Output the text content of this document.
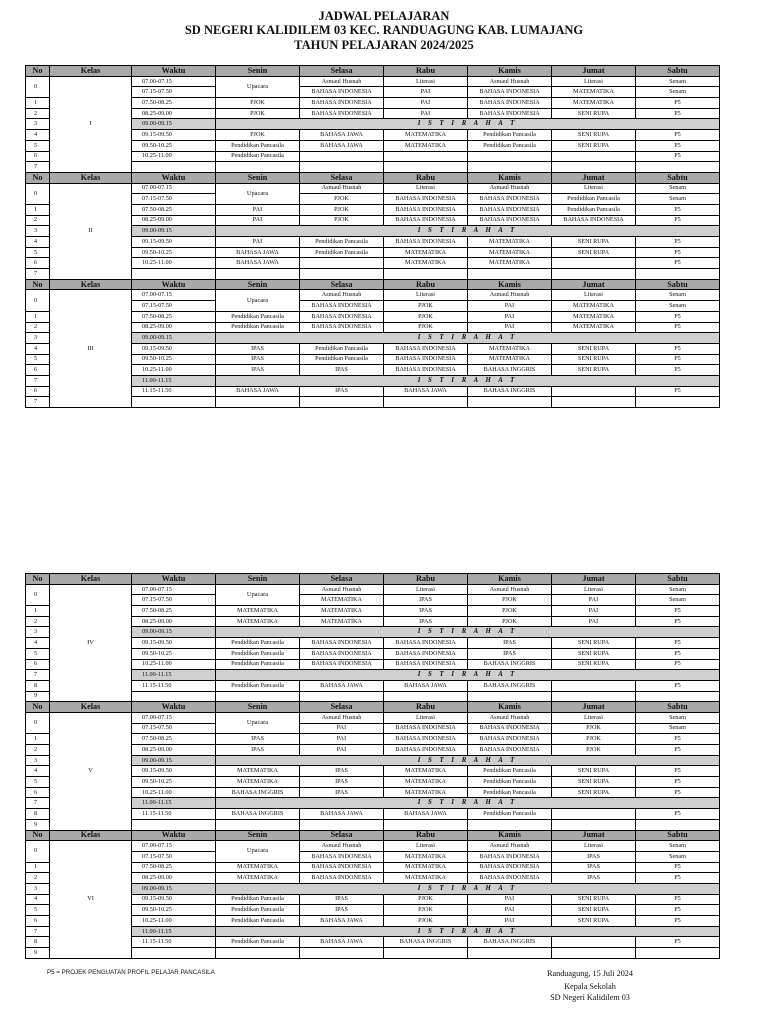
JADWAL PELAJARAN
SD NEGERI KALIDILEM 03 KEC. RANDUAGUNG KAB. LUMAJANG
TAHUN PELAJARAN 2024/2025
No	Kelas	Waktu	Senin	Selasa	Rabu	Kamis	Jumat	Sabtu
0	I	07.00-07.15	Upacara	Asmaul Husnah	Literasi	Asmaul Husnah	Literasi	Senam
		07.15-07.50		BAHASA INDONESIA	PAI	BAHASA INDONESIA	MATEMATIKA	Senam
1		07.50-08.25	PJOK	BAHASA INDONESIA	PAI	BAHASA INDONESIA	MATEMATIKA	P5
2		08.25-09.00	PJOK	BAHASA INDONESIA	PAI	BAHASA INDONESIA	SENI RUPA	P5
3		09.00-09.15	I S T I R A H A T					
4		09.15-09.50	PJOK	BAHASA JAWA	MATEMATIKA	Pendidikan Pancasila	SENI RUPA	P5
5		09.50-10.25	Pendidikan Pancasila	BAHASA JAWA	MATEMATIKA	Pendidikan Pancasila	SENI RUPA	P5
6		10.25-11.00	Pendidikan Pancasila					P5
7								
No	Kelas	Waktu	Senin	Selasa	Rabu	Kamis	Jumat	Sabtu
0	II	07.00-07.15	Upacara	Asmaul Husnah	Literasi	Asmaul Husnah	Literasi	Senam
		07.15-07.50		PJOK	BAHASA INDONESIA	BAHASA INDONESIA	Pendidikan Pancasila	Senam
1		07.50-08.25	PAI	PJOK	BAHASA INDONESIA	BAHASA INDONESIA	Pendidikan Pancasila	P5
2		08.25-09.00	PAI	PJOK	BAHASA INDONESIA	BAHASA INDONESIA	BAHASA INDONESIA	P5
3		09.00-09.15	I S T I R A H A T					
4		09.15-09.50	PAI	Pendidikan Pancasila	BAHASA INDONESIA	MATEMATIKA	SENI RUPA	P5
5		09.50-10.25	BAHASA JAWA	Pendidikan Pancasila	MATEMATIKA	MATEMATIKA	SENI RUPA	P5
6		10.25-11.00	BAHASA JAWA		MATEMATIKA	MATEMATIKA		P5
7								
No	Kelas	Waktu	Senin	Selasa	Rabu	Kamis	Jumat	Sabtu
0	III	07.00-07.15	Upacara	Asmaul Husnah	Literasi	Asmaul Husnah	Literasi	Senam
		07.15-07.50		BAHASA INDONESIA	PJOK	PAI	MATEMATIKA	Senam
1		07.50-08.25	Pendidikan Pancasila	BAHASA INDONESIA	PJOK	PAI	MATEMATIKA	P5
2		08.25-09.00	Pendidikan Pancasila	BAHASA INDONESIA	PJOK	PAI	MATEMATIKA	P5
3		09.00-09.15	I S T I R A H A T					
4		09.15-09.50	IPAS	Pendidikan Pancasila	BAHASA INDONESIA	MATEMATIKA	SENI RUPA	P5
5		09.50-10.25	IPAS	Pendidikan Pancasila	BAHASA INDONESIA	MATEMATIKA	SENI RUPA	P5
6		10.25-11.00	IPAS	IPAS	BAHASA INDONESIA	BAHASA INGGRIS	SENI RUPA	P5
7		11.00-11.15	I S T I R A H A T					
6		11.15-11.50	BAHASA JAWA	IPAS	BAHASA JAWA	BAHASA INGGRIS		P5
7								
No	Kelas	Waktu	Senin	Selasa	Rabu	Kamis	Jumat	Sabtu
0	IV	07.00-07.15	Upacara	Asmaul Husnah	Literasi	Asmaul Husnah	Literasi	Senam
		07.15-07.50		MATEMATIKA	IPAS	PJOK	PAI	Senam
1		07.50-08.25	MATEMATIKA	MATEMATIKA	IPAS	PJOK	PAI	P5
2		08.25-09.00	MATEMATIKA	MATEMATIKA	IPAS	PJOK	PAI	P5
3		09.00-09.15	I S T I R A H A T					
4		09.15-09.50	Pendidikan Pancasila	BAHASA INDONESIA	BAHASA INDONESIA	IPAS	SENI RUPA	P5
5		09.50-10.25	Pendidikan Pancasila	BAHASA INDONESIA	BAHASA INDONESIA	IPAS	SENI RUPA	P5
6		10.25-11.00	Pendidikan Pancasila	BAHASA INDONESIA	BAHASA INDONESIA	BAHASA INGGRIS	SENI RUPA	P5
7		11.00-11.15	I S T I R A H A T					
8		11.15-11.50	Pendidikan Pancasila	BAHASA JAWA	BAHASA JAWA	BAHASA INGGRIS		P5
9								
No	Kelas	Waktu	Senin	Selasa	Rabu	Kamis	Jumat	Sabtu
0	V	07.00-07.15	Upacara	Asmaul Husnah	Literasi	Asmaul Husnah	Literasi	Senam
		07.15-07.50		PAI	BAHASA INDONESIA	BAHASA INDONESIA	PJOK	Senam
1		07.50-08.25	IPAS	PAI	BAHASA INDONESIA	BAHASA INDONESIA	PJOK	P5
2		08.25-09.00	IPAS	PAI	BAHASA INDONESIA	BAHASA INDONESIA	PJOK	P5
3		09.00-09.15	I S T I R A H A T					
4		09.15-09.50	MATEMATIKA	IPAS	MATEMATIKA	Pendidikan Pancasila	SENI RUPA	P5
5		09.50-10.25	MATEMATIKA	IPAS	MATEMATIKA	Pendidikan Pancasila	SENI RUPA	P5
6		10.25-11.00	BAHASA INGGRIS	IPAS	MATEMATIKA	Pendidikan Pancasila	SENI RUPA	P5
7		11.00-11.15	I S T I R A H A T					
8		11.15-11.50	BAHASA INGGRIS	BAHASA JAWA	BAHASA JAWA	Pendidikan Pancasila		P5
9								
No	Kelas	Waktu	Senin	Selasa	Rabu	Kamis	Jumat	Sabtu
0	VI	07.00-07.15	Upacara	Asmaul Husnah	Literasi	Asmaul Husnah	Literasi	Senam
		07.15-07.50		BAHASA INDONESIA	MATEMATIKA	BAHASA INDONESIA	IPAS	Senam
1		07.50-08.25	MATEMATIKA	BAHASA INDONESIA	MATEMATIKA	BAHASA INDONESIA	IPAS	P5
2		08.25-09.00	MATEMATIKA	BAHASA INDONESIA	MATEMATIKA	BAHASA INDONESIA	IPAS	P5
3		09.00-09.15	I S T I R A H A T					
4		09.15-09.50	Pendidikan Pancasila	IPAS	PJOK	PAI	SENI RUPA	P5
5		09.50-10.25	Pendidikan Pancasila	IPAS	PJOK	PAI	SENI RUPA	P5
6		10.25-11.00	Pendidikan Pancasila	BAHASA JAWA	PJOK	PAI	SENI RUPA	P5
7		11.00-11.15	I S T I R A H A T					
8		11.15-11.50	Pendidikan Pancasila	BAHASA JAWA	BAHASA INGGRIS	BAHASA INGGRIS		P5
9								
P5 = PROJEK PENGUATAN PROFIL PELAJAR PANCASILA	Randuagung, 15 Juli 2024
Kepala Sekolah
SD Negeri Kalidilem 03
